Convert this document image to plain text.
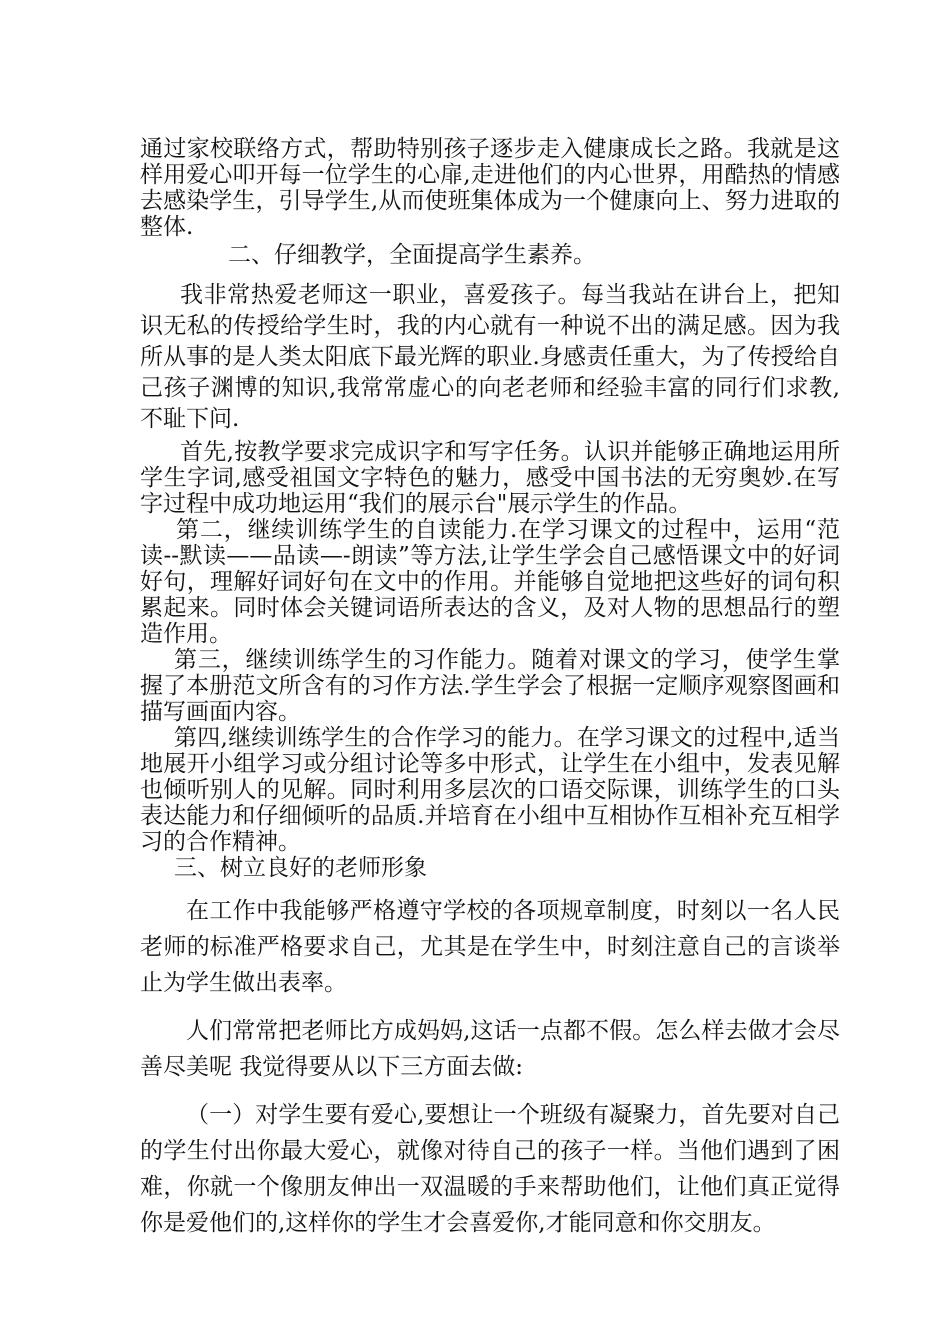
通过家校联络方式，帮助特别孩子逐步走入健康成长之路。我就是这样用爱心叩开每一位学生的心扉,走进他们的内心世界，用酷热的情感去感染学生，引导学生,从而使班集体成为一个健康向上、努力进取的整体.

二、仔细教学，全面提高学生素养。

我非常热爱老师这一职业，喜爱孩子。每当我站在讲台上，把知识无私的传授给学生时，我的内心就有一种说不出的满足感。因为我所从事的是人类太阳底下最光辉的职业.身感责任重大，为了传授给自己孩子渊博的知识,我常常虚心的向老老师和经验丰富的同行们求教,不耻下问.

首先,按教学要求完成识字和写字任务。认识并能够正确地运用所学生字词,感受祖国文字特色的魅力，感受中国书法的无穷奥妙.在写字过程中成功地运用“我们的展示台"展示学生的作品。

第二，继续训练学生的自读能力.在学习课文的过程中，运用“范读--默读——品读—-朗读”等方法,让学生学会自己感悟课文中的好词好句，理解好词好句在文中的作用。并能够自觉地把这些好的词句积累起来。同时体会关键词语所表达的含义，及对人物的思想品行的塑造作用。

第三，继续训练学生的习作能力。随着对课文的学习，使学生掌握了本册范文所含有的习作方法.学生学会了根据一定顺序观察图画和描写画面内容。

第四,继续训练学生的合作学习的能力。在学习课文的过程中,适当地展开小组学习或分组讨论等多中形式，让学生在小组中，发表见解也倾听别人的见解。同时利用多层次的口语交际课，训练学生的口头表达能力和仔细倾听的品质.并培育在小组中互相协作互相补充互相学习的合作精神。

三、树立良好的老师形象

在工作中我能够严格遵守学校的各项规章制度，时刻以一名人民老师的标准严格要求自己，尤其是在学生中，时刻注意自己的言谈举止为学生做出表率。

人们常常把老师比方成妈妈,这话一点都不假。怎么样去做才会尽善尽美呢 我觉得要从以下三方面去做:

（一）对学生要有爱心,要想让一个班级有凝聚力，首先要对自己的学生付出你最大爱心，就像对待自己的孩子一样。当他们遇到了困难，你就一个像朋友伸出一双温暖的手来帮助他们，让他们真正觉得你是爱他们的,这样你的学生才会喜爱你,才能同意和你交朋友。
